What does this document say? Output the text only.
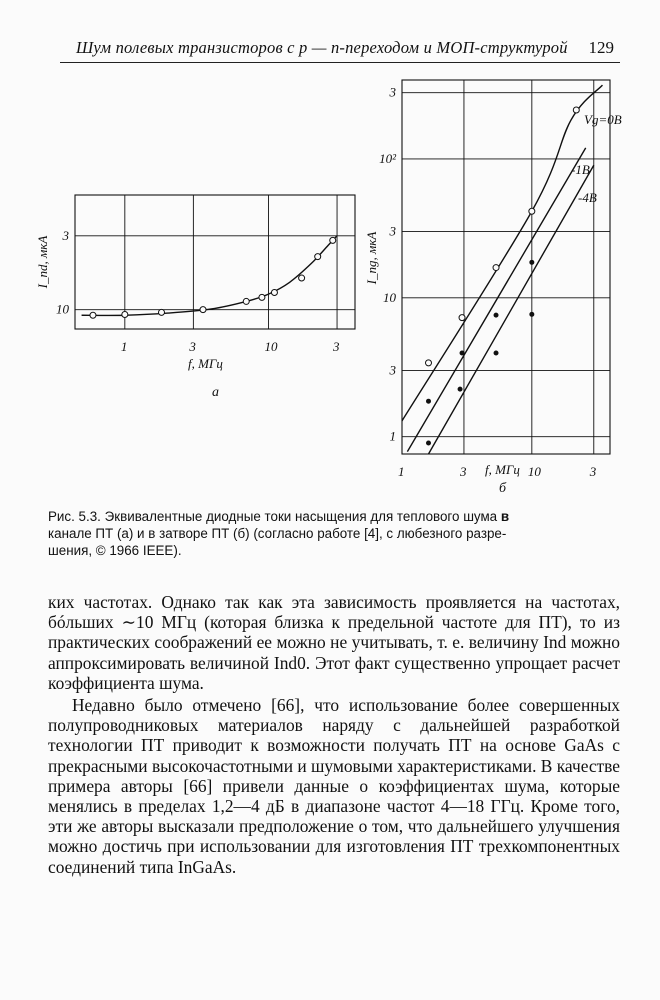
Шум полевых транзисторов с р — n-переходом и МОП-структурой 129
1	3	10	3
10
3
f, МГц
I_nd, мкА
а
1	3	10	3
1
3
10
3
10²
3
f, МГц
I_ng, мкА
б
Vg=0В
-1В
-4В
Рис. 5.3. Эквивалентные диодные токи насыщения для теплового шума в
канале ПТ (а) и в затворе ПТ (б) (согласно работе [4], с любезного разре-
шения, © 1966 IEEE).

ких частотах. Однако так как эта зависимость проявляется на частотах, бóльших ∼10 МГц (которая близка к предельной частоте для ПТ), то из практических соображений ее можно не учитывать, т. е. величину Ind можно аппроксимировать величиной Ind0. Этот факт существенно упрощает расчет коэффициента шума.

Недавно было отмечено [66], что использование более совершенных полупроводниковых материалов наряду с дальнейшей разработкой технологии ПТ приводит к возможности получать ПТ на основе GaAs с прекрасными высокочастотными и шумовыми характеристиками. В качестве примера авторы [66] привели данные о коэффициентах шума, которые менялись в пределах 1,2—4 дБ в диапазоне частот 4—18 ГГц. Кроме того, эти же авторы высказали предположение о том, что дальнейшего улучшения можно достичь при использовании для изготовления ПТ трехкомпонентных соединений типа InGaAs.
